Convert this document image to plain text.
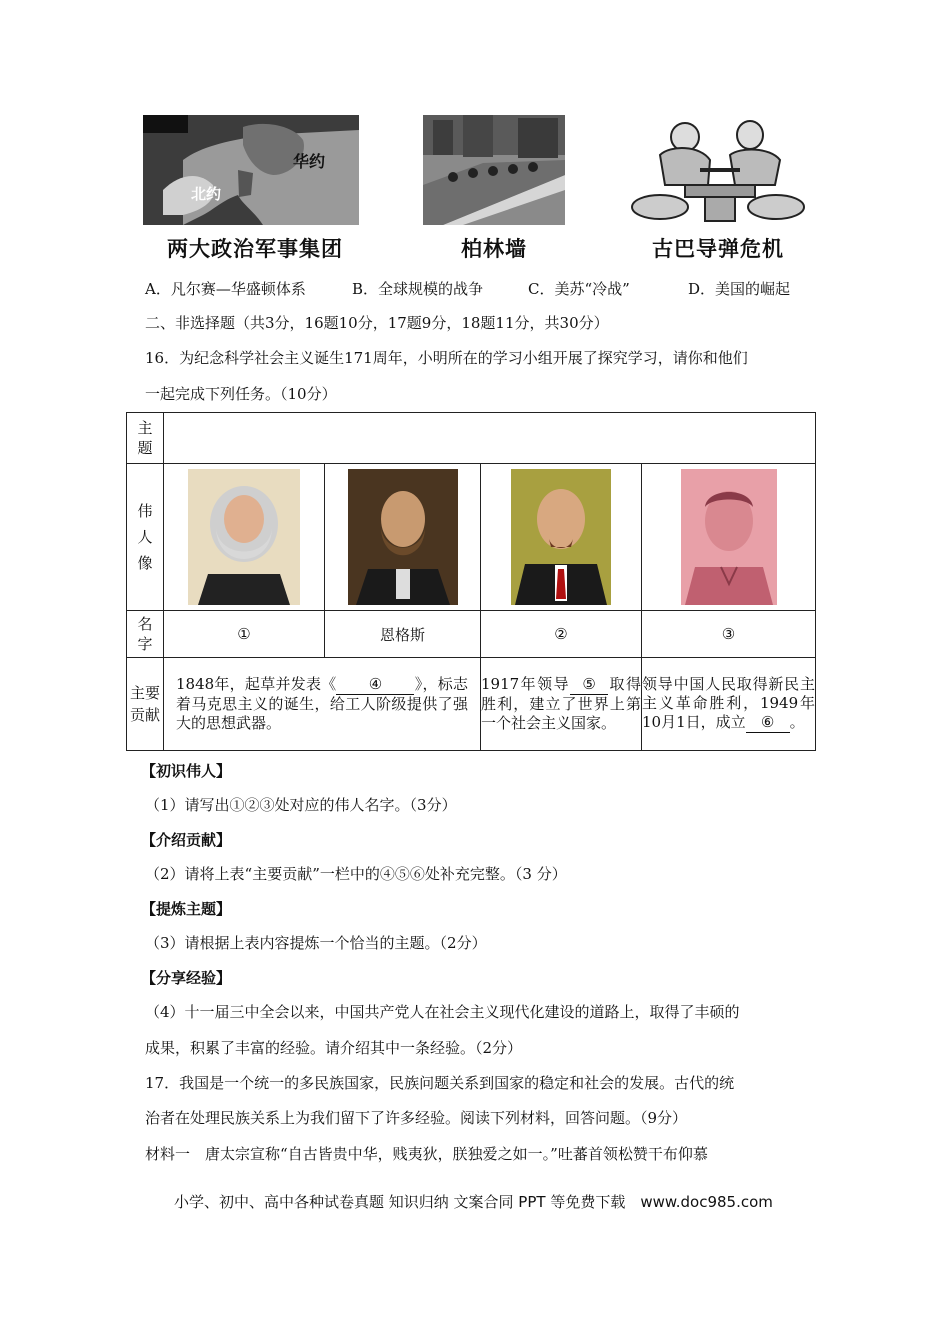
华约
北约
两大政治军事集团	柏林墙	古巴导弹危机
A．凡尔赛—华盛顿体系	B．全球规模的战争	C．美苏“冷战”	D．美国的崛起
二、非选择题（共3分，16题10分，17题9分，18题11分，共30分）
16．为纪念科学社会主义诞生171周年，小明所在的学习小组开展了探究学习，请你和他们
一起完成下列任务。（10分）
主题				
伟人像	

名字	①	恩格斯	②	③
主要贡献	1848年，起草并发表《 ④ 》，标志着马克思主义的诞生，给工人阶级提供了强大的思想武器。		1917年领导 ⑤ 取得胜利，建立了世界上第一个社会主义国家。	领导中国人民取得新民主主义革命胜利，1949年10月1日，成立 ⑥ 。
【初识伟人】
（1）请写出①②③处对应的伟人名字。（3分）
【介绍贡献】
（2）请将上表“主要贡献”一栏中的④⑤⑥处补充完整。（3 分）
【提炼主题】
（3）请根据上表内容提炼一个恰当的主题。（2分）
【分享经验】
（4）十一届三中全会以来，中国共产党人在社会主义现代化建设的道路上，取得了丰硕的
成果，积累了丰富的经验。请介绍其中一条经验。（2分）
17．我国是一个统一的多民族国家，民族问题关系到国家的稳定和社会的发展。古代的统
治者在处理民族关系上为我们留下了许多经验。阅读下列材料，回答问题。（9分）
材料一　唐太宗宣称“自古皆贵中华，贱夷狄，朕独爱之如一。”吐蕃首领松赞干布仰慕
小学、初中、高中各种试卷真题 知识归纳 文案合同 PPT 等免费下载　www.doc985.com
